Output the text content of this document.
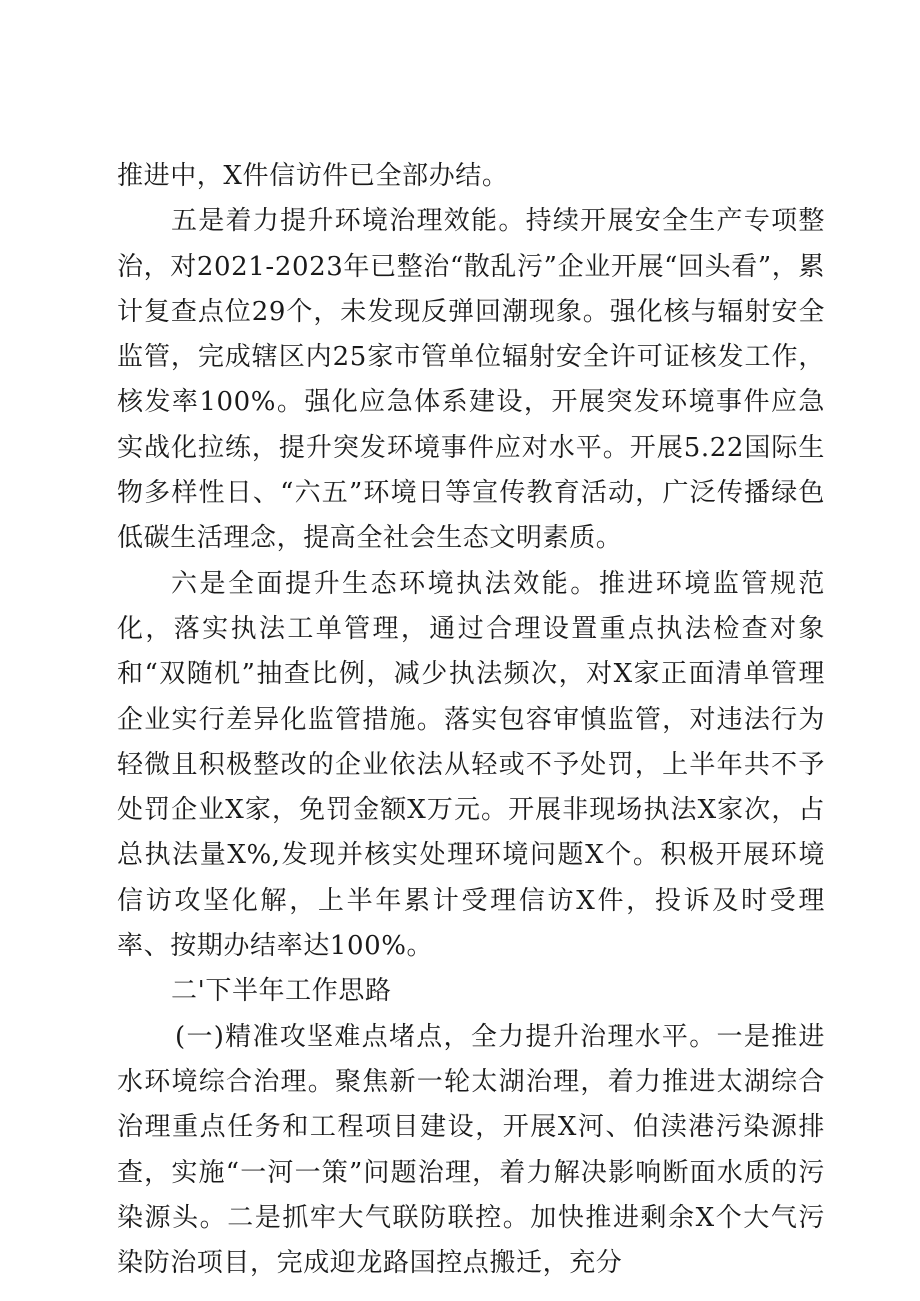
推进中，X件信访件已全部办结。

五是着力提升环境治理效能。持续开展安全生产专项整治，对2021-2023年已整治“散乱污”企业开展“回头看”，累计复查点位29个，未发现反弹回潮现象。强化核与辐射安全监管，完成辖区内25家市管单位辐射安全许可证核发工作，核发率100%。强化应急体系建设，开展突发环境事件应急实战化拉练，提升突发环境事件应对水平。开展5.22国际生物多样性日、“六五”环境日等宣传教育活动，广泛传播绿色低碳生活理念，提高全社会生态文明素质。

六是全面提升生态环境执法效能。推进环境监管规范化，落实执法工单管理，通过合理设置重点执法检查对象和“双随机”抽查比例，减少执法频次，对X家正面清单管理企业实行差异化监管措施。落实包容审慎监管，对违法行为轻微且积极整改的企业依法从轻或不予处罚，上半年共不予处罚企业X家，免罚金额X万元。开展非现场执法X家次，占总执法量X%,发现并核实处理环境问题X个。积极开展环境信访攻坚化解，上半年累计受理信访X件，投诉及时受理率、按期办结率达100%。

二'下半年工作思路

(一)精准攻坚难点堵点，全力提升治理水平。一是推进水环境综合治理。聚焦新一轮太湖治理，着力推进太湖综合治理重点任务和工程项目建设，开展X河、伯渎港污染源排查，实施“一河一策”问题治理，着力解决影响断面水质的污染源头。二是抓牢大气联防联控。加快推进剩余X个大气污染防治项目，完成迎龙路国控点搬迁，充分
